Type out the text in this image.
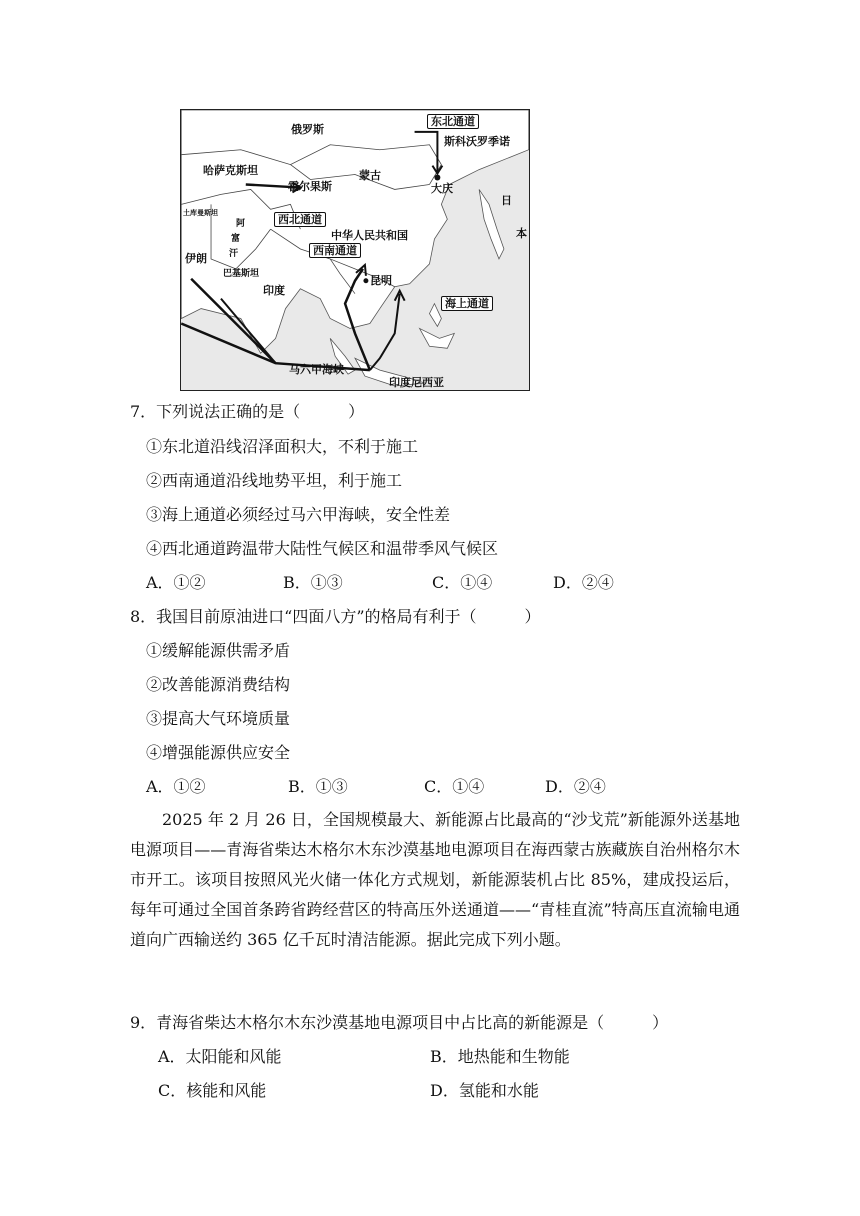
俄罗斯
哈萨克斯坦	蒙古
中华人民共和国
日
本
伊朗
阿
富
汗
巴基斯坦
印度
土库曼斯坦
霍尔果斯
西北通道
西南通道
昆明
东北通道
斯科沃罗季诺
大庆
海上通道
马六甲海峡
印度尼西亚
7．下列说法正确的是（　　　）
①东北道沿线沼泽面积大，不利于施工
②西南通道沿线地势平坦，利于施工
③海上通道必须经过马六甲海峡，安全性差
④西北通道跨温带大陆性气候区和温带季风气候区
A．①②	B．①③	C．①④	D．②④
8．我国目前原油进口“四面八方”的格局有利于（　　　）
①缓解能源供需矛盾
②改善能源消费结构
③提高大气环境质量
④增强能源供应安全
A．①②	B．①③	C．①④	D．②④
2025 年 2 月 26 日，全国规模最大、新能源占比最高的“沙戈荒”新能源外送基地电源项目——青海省柴达木格尔木东沙漠基地电源项目在海西蒙古族藏族自治州格尔木市开工。该项目按照风光火储一体化方式规划，新能源装机占比 85%，建成投运后，每年可通过全国首条跨省跨经营区的特高压外送通道——“青桂直流”特高压直流输电通道向广西输送约 365 亿千瓦时清洁能源。据此完成下列小题。
9．青海省柴达木格尔木东沙漠基地电源项目中占比高的新能源是（　　　）
A．太阳能和风能	B．地热能和生物能
C．核能和风能	D．氢能和水能
